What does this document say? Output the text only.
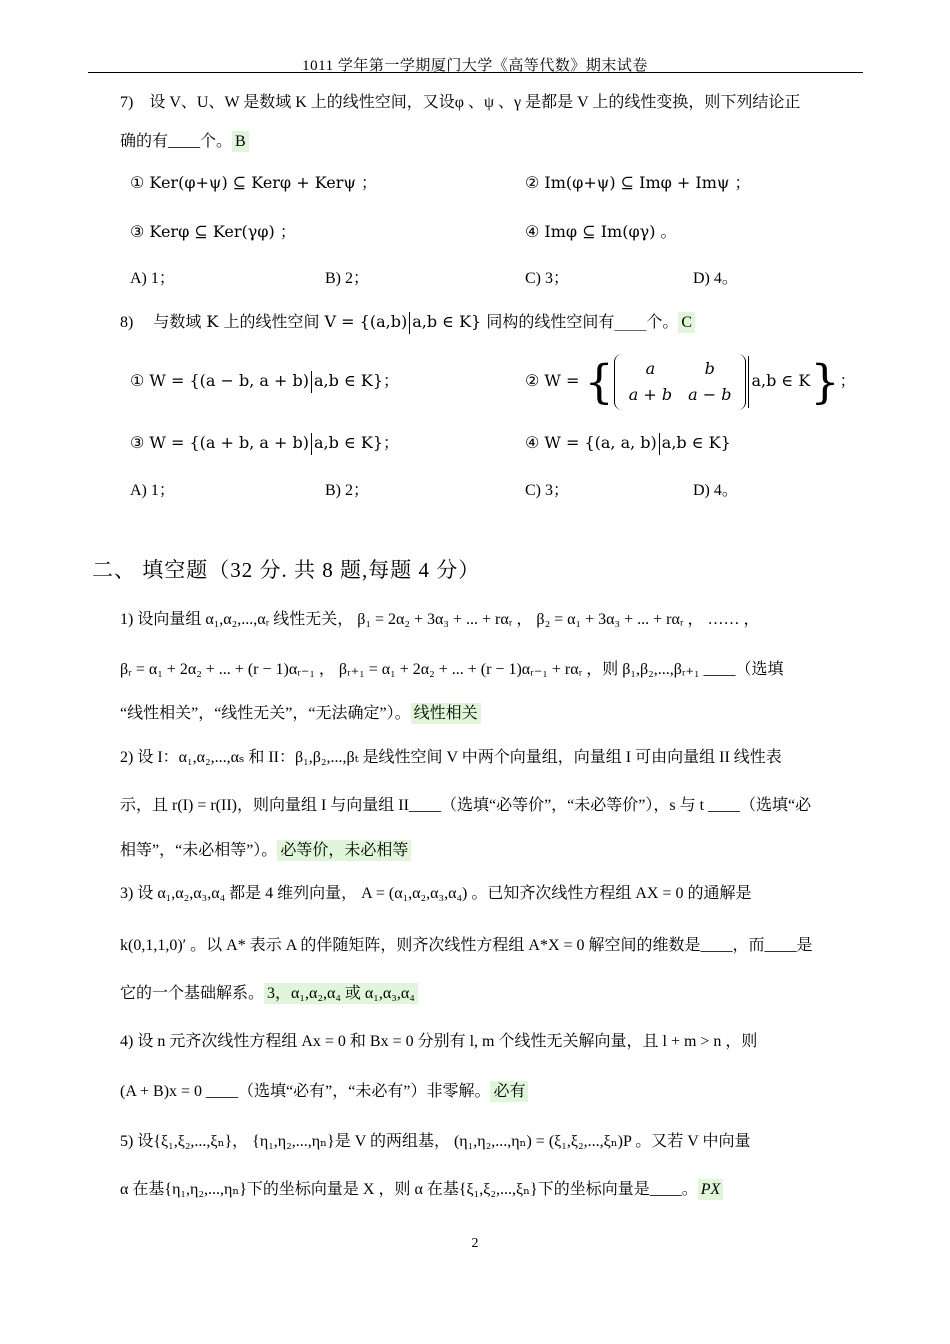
1011 学年第一学期厦门大学《高等代数》期末试卷
7) 设 V、U、W 是数域 K 上的线性空间，又设φ 、ψ 、γ 是都是 V 上的线性变换，则下列结论正
确的有____个。 B
① Ker(φ+ψ) ⊆ Kerφ + Kerψ ；	② Im(φ+ψ) ⊆ Imφ + Imψ ；
③ Kerφ ⊆ Ker(γφ) ；	④ Imφ ⊆ Im(φγ) 。
A) 1；	B) 2；	C) 3；	D) 4。
8) 与数域 K 上的线性空间 V = {(a,b) a,b ∈ K} 同构的线性空间有____个。 C
① W = {(a − b, a + b) a,b ∈ K}；	② W = { a	b
a + b	a − b
a,b ∈ K}；
③ W = {(a + b, a + b) a,b ∈ K}；	④ W = {(a, a, b) a,b ∈ K}
A) 1；	B) 2；	C) 3；	D) 4。
二、 填空题（32 分. 共 8 题,每题 4 分）
1) 设向量组 α₁,α₂,...,αᵣ 线性无关， β₁ = 2α₂ + 3α₃ + ... + rαᵣ ， β₂ = α₁ + 3α₃ + ... + rαᵣ ， …… ，
βᵣ = α₁ + 2α₂ + ... + (r − 1)αᵣ₋₁ ， βᵣ₊₁ = α₁ + 2α₂ + ... + (r − 1)αᵣ₋₁ + rαᵣ ，则 β₁,β₂,...,βᵣ₊₁ ____（选填
“线性相关”，“线性无关”，“无法确定”）。 线性相关
2) 设 I：α₁,α₂,...,αₛ 和 II：β₁,β₂,...,βₜ 是线性空间 V 中两个向量组，向量组 I 可由向量组 II 线性表
示，且 r(I) = r(II)，则向量组 I 与向量组 II____（选填“必等价”，“未必等价”），s 与 t ____（选填“必
相等”，“未必相等”）。 必等价，未必相等
3) 设 α₁,α₂,α₃,α₄ 都是 4 维列向量， A = (α₁,α₂,α₃,α₄) 。已知齐次线性方程组 AX = 0 的通解是
k(0,1,1,0)′ 。以 A* 表示 A 的伴随矩阵，则齐次线性方程组 A*X = 0 解空间的维数是____，而____是
它的一个基础解系。 3，α₁,α₂,α₄ 或 α₁,α₃,α₄
4) 设 n 元齐次线性方程组 Ax = 0 和 Bx = 0 分别有 l, m 个线性无关解向量，且 l + m > n ，则
(A + B)x = 0 ____（选填“必有”，“未必有”）非零解。 必有
5) 设{ξ₁,ξ₂,...,ξₙ}， {η₁,η₂,...,ηₙ}是 V 的两组基， (η₁,η₂,...,ηₙ) = (ξ₁,ξ₂,...,ξₙ)P 。又若 V 中向量
α 在基{η₁,η₂,...,ηₙ}下的坐标向量是 X ，则 α 在基{ξ₁,ξ₂,...,ξₙ}下的坐标向量是____。 PX
2
